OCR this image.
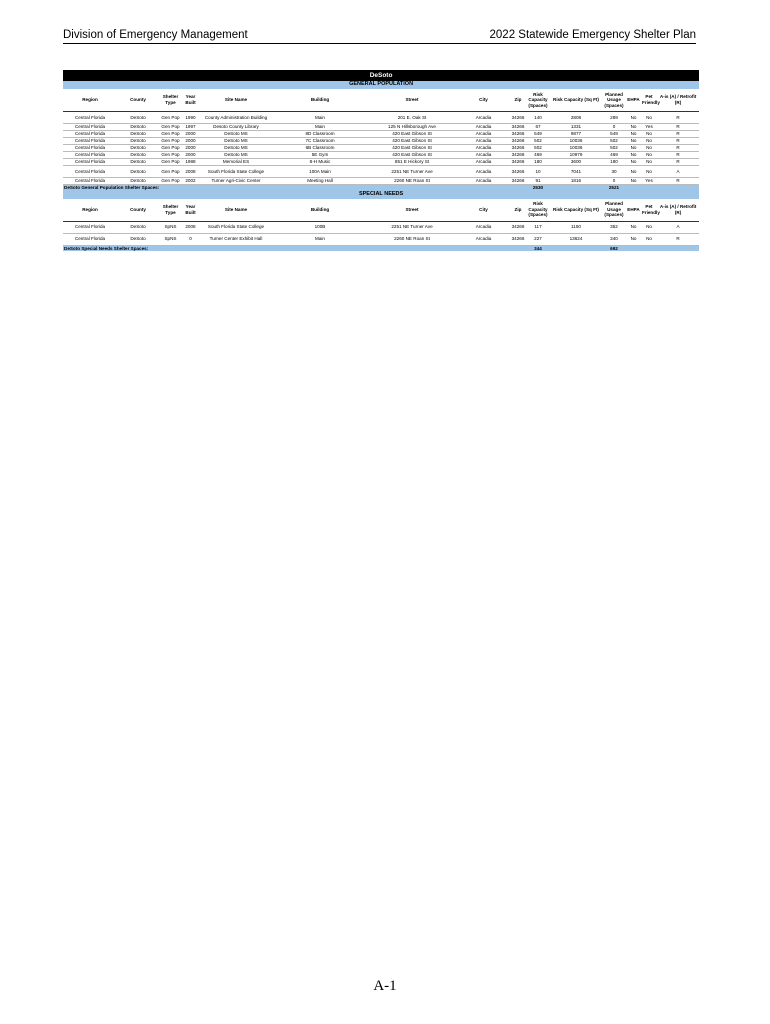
Division of Emergency Management	2022 Statewide Emergency Shelter Plan
DeSoto														
GENERAL POPULATION														
Region	County	Shelter Type	Year Built	Site Name	Building	Street	City	Zip	Risk Capacity (Spaces)	Risk Capacity (Sq Ft)	Planned Usage (Spaces)	EHPA	Pet Friendly	A-is (A) / Retrofit (R)
Central Florida	DeSoto	Gen Pop	1990	County Administration Building	Main	201 E. Oak St	Arcadia	34266	140	2808	289	No	No	R
Central Florida	DeSoto	Gen Pop	1997	Desoto County Library	Main	125 N Hillsborough Ave	Arcadia	34266	67	1331	0	No	Yes	R
Central Florida	DeSoto	Gen Pop	2000	DeSoto MS	8D Classroom	420 East Gibson St	Arcadia	34266	549	9877	549	No	No	R
Central Florida	DeSoto	Gen Pop	2000	DeSoto MS	7C Classroom	420 East Gibson St	Arcadia	34266	502	10036	502	No	No	R
Central Florida	DeSoto	Gen Pop	2000	DeSoto MS	6B Classroom	420 East Gibson St	Arcadia	34266	502	10036	502	No	No	R
Central Florida	DeSoto	Gen Pop	2000	DeSoto MS	5E Gym	420 East Gibson St	Arcadia	34266	469	10979	469	No	No	R
Central Florida	DeSoto	Gen Pop	1988	Memorial ES	8-H Music	851 E Hickory St	Arcadia	34266	180	3600	180	No	No	R
Central Florida	DeSoto	Gen Pop	2008	South Florida State College	100A Main	2251 NE Turner Ave	Arcadia	34266	10	7041	30	No	No	A
Central Florida	DeSoto	Gen Pop	2002	Turner Agri-Civic Center	Meeting Hall	2260 NE Roan St	Arcadia	34266	91	1816	0	No	Yes	R
DeSoto General Population Shelter Spaces:									2530		2521			
SPECIAL NEEDS														
Region	County	Shelter Type	Year Built	Site Name	Building	Street	City	Zip	Risk Capacity (Spaces)	Risk Capacity (Sq Ft)	Planned Usage (Spaces)	EHPA	Pet Friendly	A-is (A) / Retrofit (R)
Central Florida	DeSoto	SpNS	2008	South Florida State College	100B	2251 NE Turner Ave	Arcadia	34266	117	1150	352	No	No	A
Central Florida	DeSoto	SpNS	0	Turner Center Exhibit Hall	Main	2260 NE Roan St	Arcadia	34266	227	13624	340	No	No	R
DeSoto Special Needs Shelter Spaces:									344		692			
A-1
